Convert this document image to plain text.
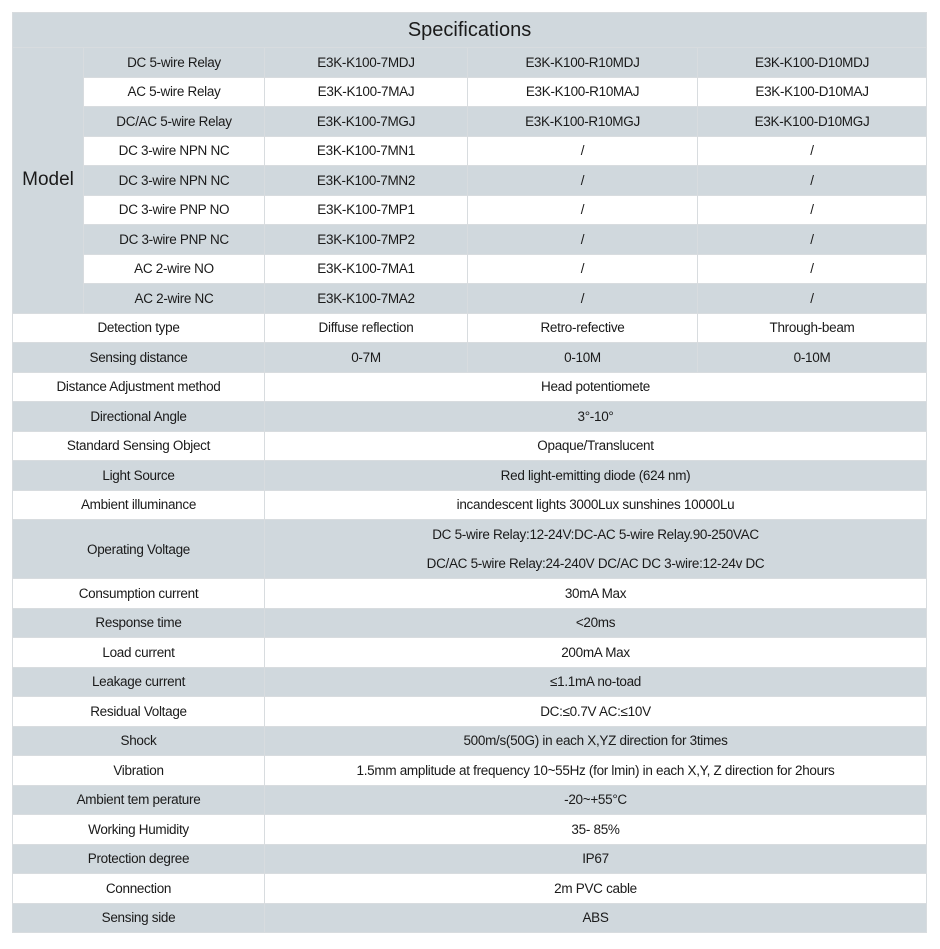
Specifications				
Model	DC 5-wire Relay	E3K-K100-7MDJ	E3K-K100-R10MDJ	E3K-K100-D10MDJ
	AC 5-wire Relay	E3K-K100-7MAJ	E3K-K100-R10MAJ	E3K-K100-D10MAJ
	DC/AC 5-wire Relay	E3K-K100-7MGJ	E3K-K100-R10MGJ	E3K-K100-D10MGJ
	DC 3-wire NPN NC	E3K-K100-7MN1	/	/
	DC 3-wire NPN NC	E3K-K100-7MN2	/	/
	DC 3-wire PNP NO	E3K-K100-7MP1	/	/
	DC 3-wire PNP NC	E3K-K100-7MP2	/	/
	AC 2-wire NO	E3K-K100-7MA1	/	/
	AC 2-wire NC	E3K-K100-7MA2	/	/
Detection type		Diffuse reflection	Retro-refective	Through-beam
Sensing distance		0-7M	0-10M	0-10M
Distance Adjustment method		Head potentiomete		
Directional Angle		3°-10°		
Standard Sensing Object		Opaque/Translucent		
Light Source		Red light-emitting diode (624 nm)		
Ambient illuminance		incandescent lights 3000Lux sunshines 10000Lu		
Operating Voltage		DC 5-wire Relay:12-24V:DC-AC 5-wire Relay.90-250VAC
DC/AC 5-wire Relay:24-240V DC/AC DC 3-wire:12-24v DC		

Consumption current		30mA Max		
Response time		<20ms		
Load current		200mA Max		
Leakage current		≤1.1mA no-toad		
Residual Voltage		DC:≤0.7V AC:≤10V		
Shock		500m/s(50G) in each X,YZ direction for 3times		
Vibration		1.5mm amplitude at frequency 10~55Hz (for lmin) in each X,Y, Z direction for 2hours		
Ambient tem perature		-20~+55°C		
Working Humidity		35- 85%		
Protection degree		IP67		
Connection		2m PVC cable		
Sensing side		ABS		
